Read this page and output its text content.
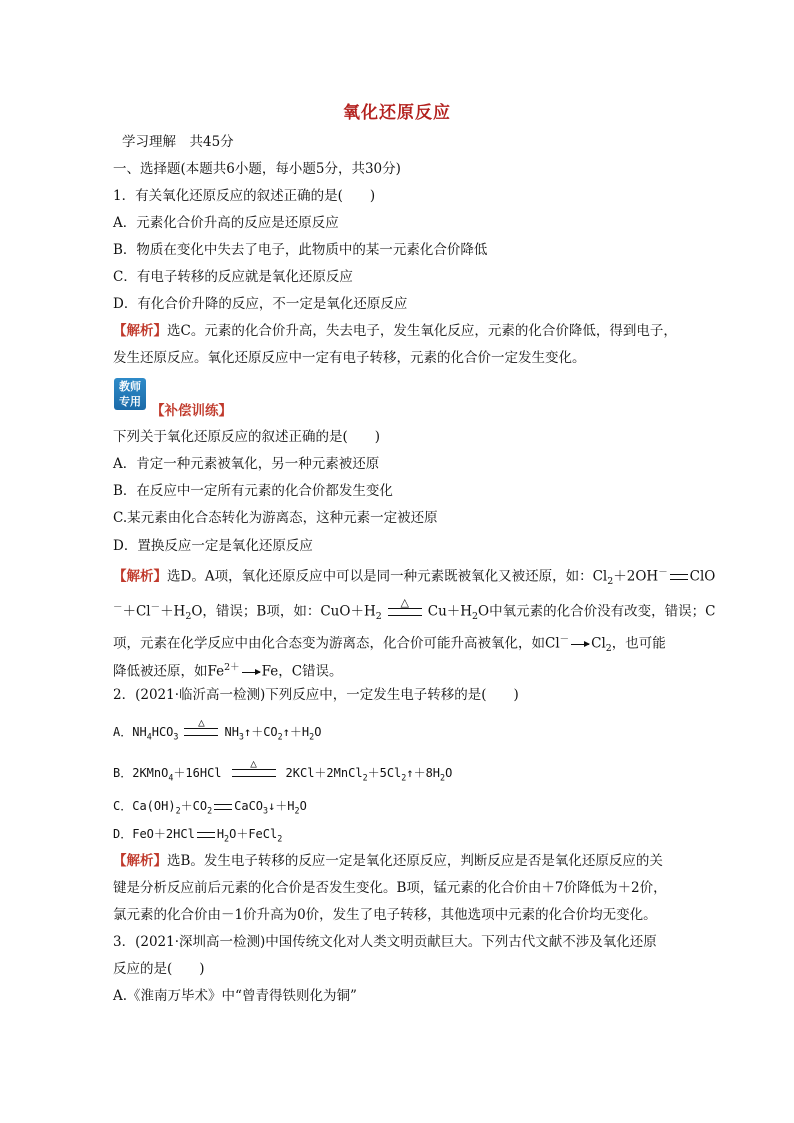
氧化还原反应
学习理解　共45分
一、选择题(本题共6小题，每小题5分，共30分)
1．有关氧化还原反应的叙述正确的是(　　)
A．元素化合价升高的反应是还原反应
B．物质在变化中失去了电子，此物质中的某一元素化合价降低
C．有电子转移的反应就是氧化还原反应
D．有化合价升降的反应，不一定是氧化还原反应
【解析】选C。元素的化合价升高，失去电子，发生氧化反应，元素的化合价降低，得到电子，
发生还原反应。氧化还原反应中一定有电子转移，元素的化合价一定发生变化。
教师
专用
【补偿训练】
下列关于氧化还原反应的叙述正确的是(　　)
A．肯定一种元素被氧化，另一种元素被还原
B．在反应中一定所有元素的化合价都发生变化
C.某元素由化合态转化为游离态，这种元素一定被还原
D．置换反应一定是氧化还原反应
【解析】选D。A项，氧化还原反应中可以是同一种元素既被氧化又被还原，如：$Cl_2+2OH^-$ ClO
$^-+Cl^-+H_2O$，错误；B项，如：$CuO+H_2$
△
$Cu+H_2O$中氧元素的化合价没有改变，错误；C
项，元素在化学反应中由化合态变为游离态，化合价可能升高被氧化，如Cl－ $Cl_2$，也可能
降低被还原，如$Fe^{2+}$ Fe，C错误。
2．(2021·临沂高一检测)下列反应中，一定发生电子转移的是(　　)
A．$NH_4HCO_3$
△
$NH_3↑+CO_2↑+H_2O$
B．2KMnO$_4$＋16HCl
△
$2KCl+2MnCl_2+5Cl_2↑+8H_2O$
C．$Ca(OH)_2+CO_2$ $CaCO_3↓+H_2O$
D．FeO＋2HCl $H_2O+FeCl_2$
【解析】选B。发生电子转移的反应一定是氧化还原反应，判断反应是否是氧化还原反应的关
键是分析反应前后元素的化合价是否发生变化。B项，锰元素的化合价由＋7价降低为＋2价，
氯元素的化合价由－1价升高为0价，发生了电子转移，其他选项中元素的化合价均无变化。
3．(2021·深圳高一检测)中国传统文化对人类文明贡献巨大。下列古代文献不涉及氧化还原
反应的是(　　)
A.《淮南万毕术》中“曾青得铁则化为铜”
